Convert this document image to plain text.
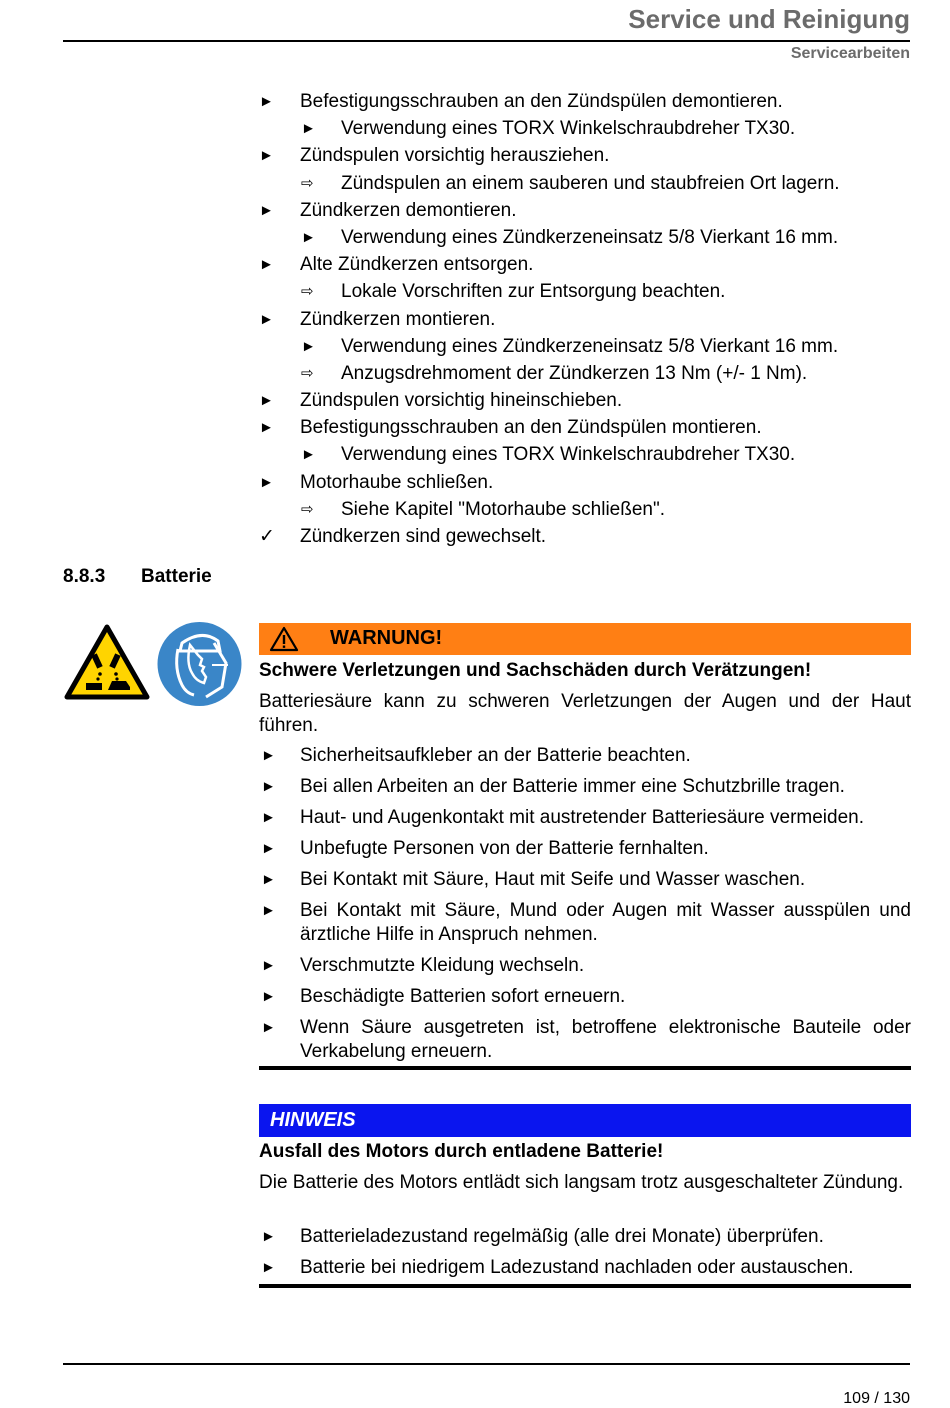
Service und Reinigung
Servicearbeiten
► Befestigungsschrauben an den Zündspülen demontieren.
► Verwendung eines TORX Winkelschraubdreher TX30.
► Zündspulen vorsichtig herausziehen.
⇨ Zündspulen an einem sauberen und staubfreien Ort lagern.
► Zündkerzen demontieren.
► Verwendung eines Zündkerzeneinsatz 5/8 Vierkant 16 mm.
► Alte Zündkerzen entsorgen.
⇨ Lokale Vorschriften zur Entsorgung beachten.
► Zündkerzen montieren.
► Verwendung eines Zündkerzeneinsatz 5/8 Vierkant 16 mm.
⇨ Anzugsdrehmoment der Zündkerzen 13 Nm (+/- 1 Nm).
► Zündspulen vorsichtig hineinschieben.
► Befestigungsschrauben an den Zündspülen montieren.
► Verwendung eines TORX Winkelschraubdreher TX30.
► Motorhaube schließen.
⇨ Siehe Kapitel "Motorhaube schließen".
✓ Zündkerzen sind gewechselt.
8.8.3 Batterie
WARNUNG!
Schwere Verletzungen und Sachschäden durch Verätzungen!
Batteriesäure kann zu schweren Verletzungen der Augen und der Haut führen.
► Sicherheitsaufkleber an der Batterie beachten.
► Bei allen Arbeiten an der Batterie immer eine Schutzbrille tragen.
► Haut- und Augenkontakt mit austretender Batteriesäure vermeiden.
► Unbefugte Personen von der Batterie fernhalten.
► Bei Kontakt mit Säure, Haut mit Seife und Wasser waschen.
► Bei Kontakt mit Säure, Mund oder Augen mit Wasser ausspülen und ärztliche Hilfe in Anspruch nehmen.
► Verschmutzte Kleidung wechseln.
► Beschädigte Batterien sofort erneuern.
► Wenn Säure ausgetreten ist, betroffene elektronische Bauteile oder Verkabelung erneuern.
HINWEIS
Ausfall des Motors durch entladene Batterie!
Die Batterie des Motors entlädt sich langsam trotz ausgeschalteter Zündung.
► Batterieladezustand regelmäßig (alle drei Monate) überprüfen.
► Batterie bei niedrigem Ladezustand nachladen oder austauschen.
109 / 130
